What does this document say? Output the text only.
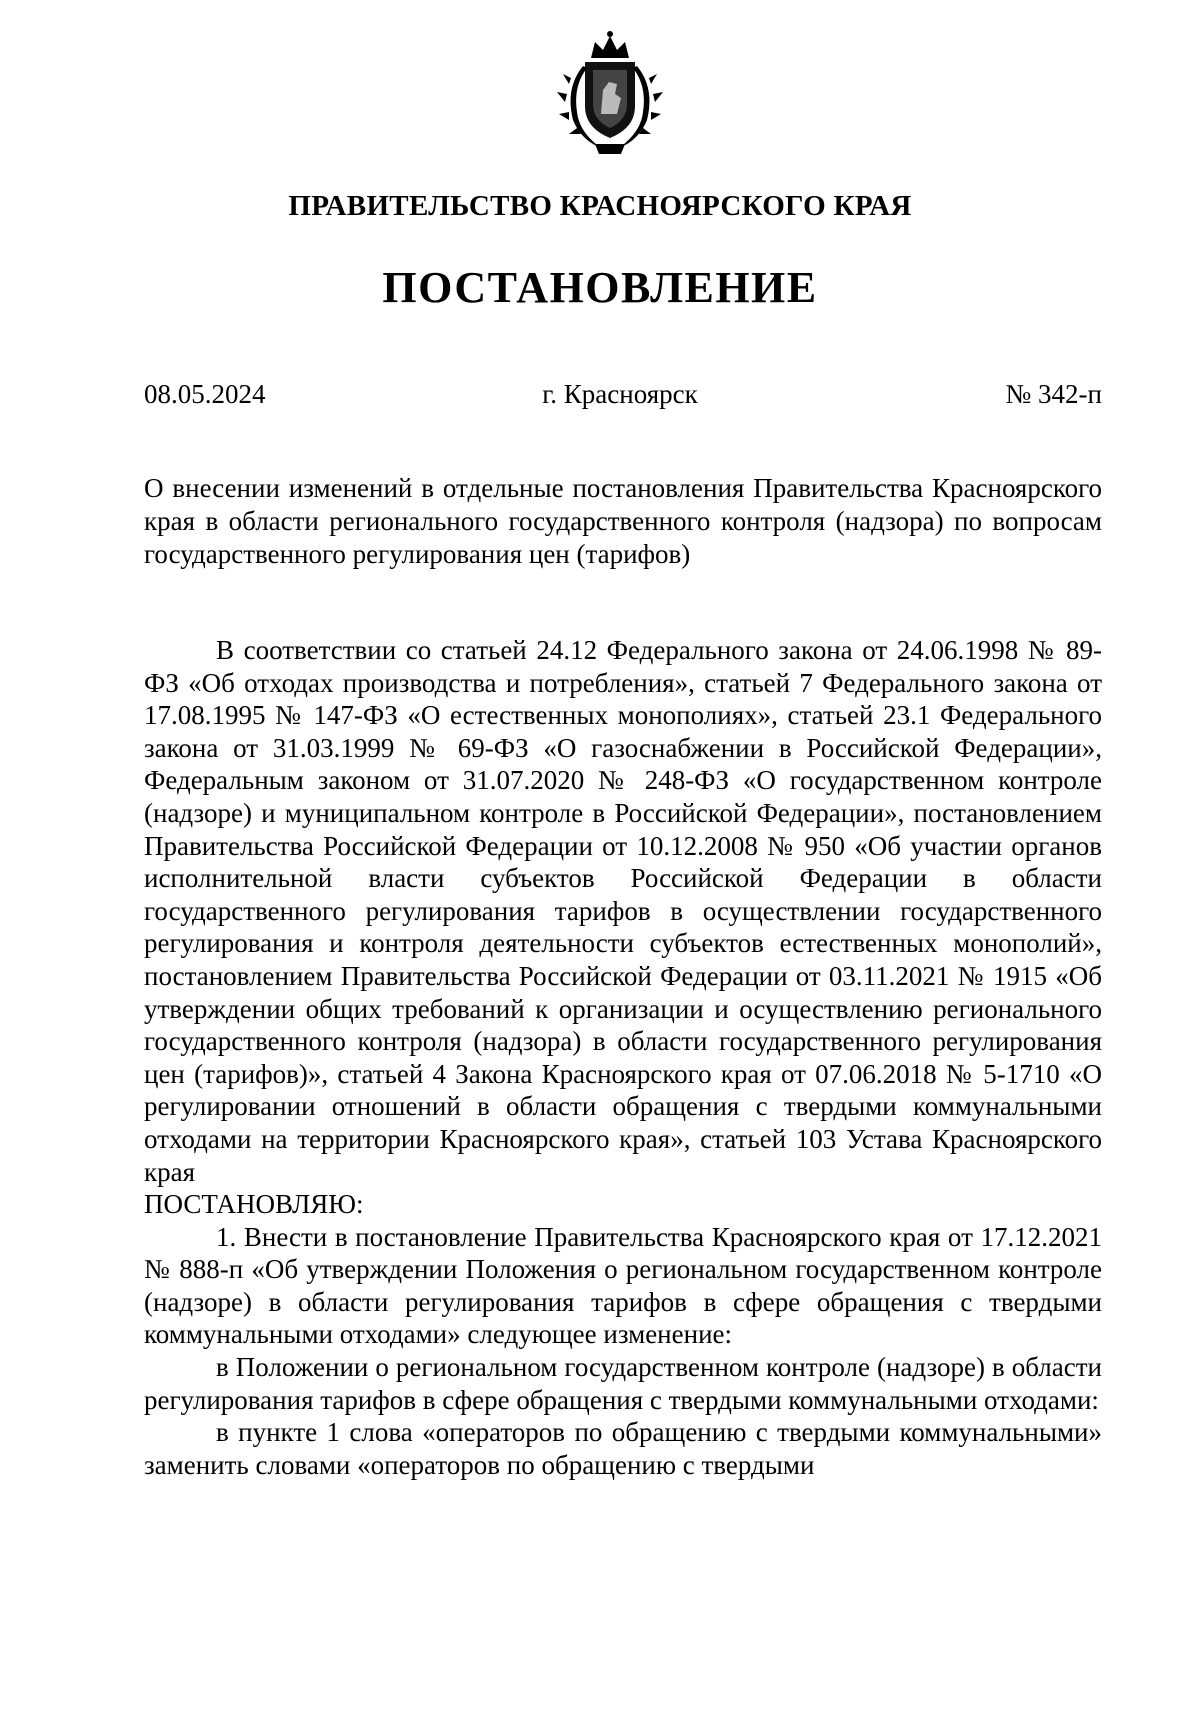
ПРАВИТЕЛЬСТВО КРАСНОЯРСКОГО КРАЯ
ПОСТАНОВЛЕНИЕ
08.05.2024	г. Красноярск	№ 342-п
О внесении изменений в отдельные постановления Правительства Красноярского края в области регионального государственного контроля (надзора) по вопросам государственного регулирования цен (тарифов)

В соответствии со статьей 24.12 Федерального закона от 24.06.1998 № 89-ФЗ «Об отходах производства и потребления», статьей 7 Федерального закона от 17.08.1995 № 147-ФЗ «О естественных монополиях», статьей 23.1 Федерального закона от 31.03.1999 № 69-ФЗ «О газоснабжении в Российской Федерации», Федеральным законом от 31.07.2020 № 248-ФЗ «О государственном контроле (надзоре) и муниципальном контроле в Российской Федерации», постановлением Правительства Российской Федерации от 10.12.2008 № 950 «Об участии органов исполнительной власти субъектов Российской Федерации в области государственного регулирования тарифов в осуществлении государственного регулирования и контроля деятельности субъектов естественных монополий», постановлением Правительства Российской Федерации от 03.11.2021 № 1915 «Об утверждении общих требований к организации и осуществлению регионального государственного контроля (надзора) в области государственного регулирования цен (тарифов)», статьей 4 Закона Красноярского края от 07.06.2018 № 5-1710 «О регулировании отношений в области обращения с твердыми коммунальными отходами на территории Красноярского края», статьей 103 Устава Красноярского края

ПОСТАНОВЛЯЮ:

1. Внести в постановление Правительства Красноярского края от 17.12.2021 № 888-п «Об утверждении Положения о региональном государственном контроле (надзоре) в области регулирования тарифов в сфере обращения с твердыми коммунальными отходами» следующее изменение:

в Положении о региональном государственном контроле (надзоре) в области регулирования тарифов в сфере обращения с твердыми коммунальными отходами:

в пункте 1 слова «операторов по обращению с твердыми коммунальными» заменить словами «операторов по обращению с твердыми
